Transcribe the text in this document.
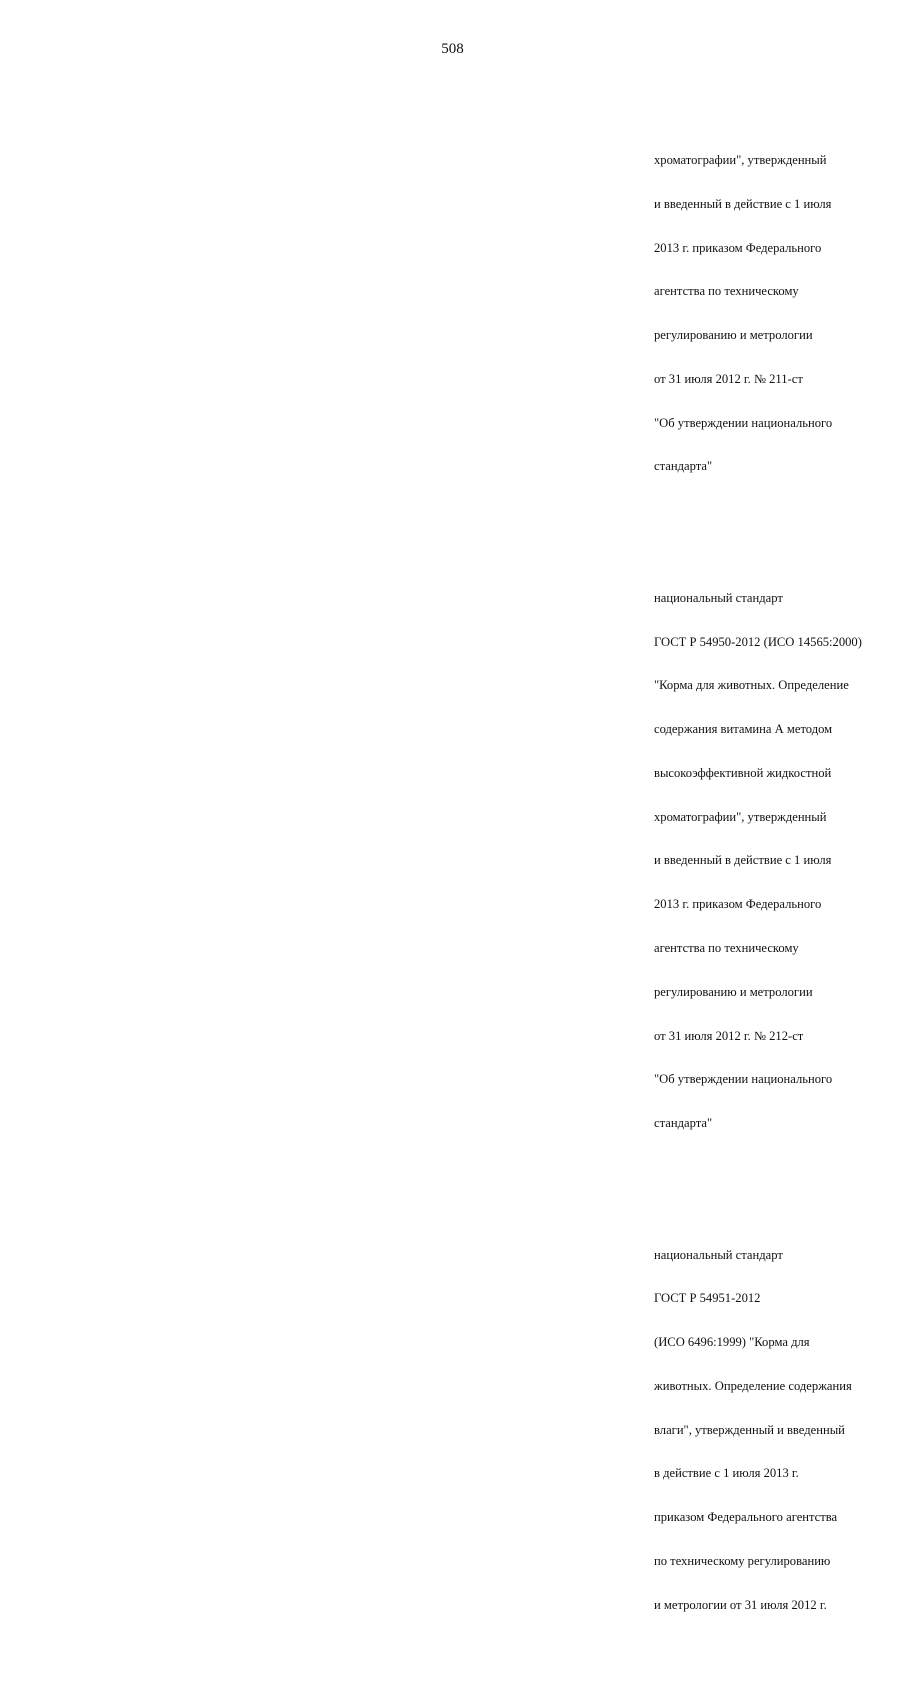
508

хроматографии", утвержденный

и введенный в действие с 1 июля

2013 г. приказом Федерального

агентства по техническому

регулированию и метрологии

от 31 июля 2012 г. № 211-ст

"Об утверждении национального

стандарта"

национальный стандарт

ГОСТ Р 54950-2012 (ИСО 14565:2000)

"Корма для животных. Определение

содержания витамина А методом

высокоэффективной жидкостной

хроматографии", утвержденный

и введенный в действие с 1 июля

2013 г. приказом Федерального

агентства по техническому

регулированию и метрологии

от 31 июля 2012 г. № 212-ст

"Об утверждении национального

стандарта"

национальный стандарт

ГОСТ Р 54951-2012

(ИСО 6496:1999) "Корма для

животных. Определение содержания

влаги", утвержденный и введенный

в действие с 1 июля 2013 г.

приказом Федерального агентства

по техническому регулированию

и метрологии от 31 июля 2012 г.
